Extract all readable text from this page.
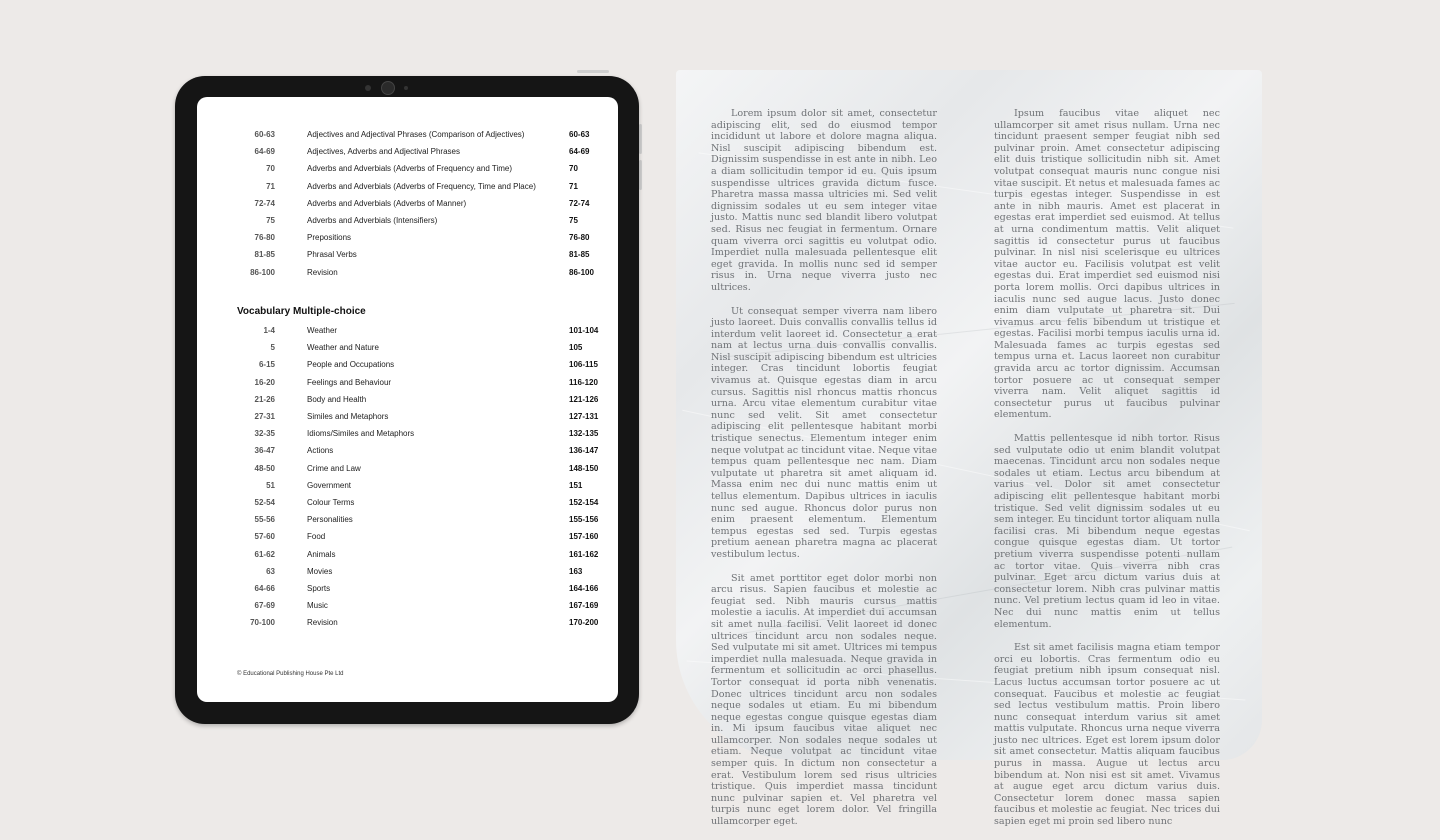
60-63	Adjectives and Adjectival Phrases (Comparison of Adjectives)	60-63
64-69	Adjectives, Adverbs and Adjectival Phrases	64-69
70	Adverbs and Adverbials (Adverbs of Frequency and Time)	70
71	Adverbs and Adverbials (Adverbs of Frequency, Time and Place)	71
72-74	Adverbs and Adverbials (Adverbs of Manner)	72-74
75	Adverbs and Adverbials (Intensifiers)	75
76-80	Prepositions	76-80
81-85	Phrasal Verbs	81-85
86-100	Revision	86-100
Vocabulary Multiple-choice
1-4	Weather	101-104
5	Weather and Nature	105
6-15	People and Occupations	106-115
16-20	Feelings and Behaviour	116-120
21-26	Body and Health	121-126
27-31	Similes and Metaphors	127-131
32-35	Idioms/Similes and Metaphors	132-135
36-47	Actions	136-147
48-50	Crime and Law	148-150
51	Government	151
52-54	Colour Terms	152-154
55-56	Personalities	155-156
57-60	Food	157-160
61-62	Animals	161-162
63	Movies	163
64-66	Sports	164-166
67-69	Music	167-169
70-100	Revision	170-200
© Educational Publishing House Pte Ltd

Lorem ipsum dolor sit amet, consectetur adipiscing elit, sed do eiusmod tempor incididunt ut labore et dolore magna aliqua. Nisl suscipit adipiscing bibendum est. Dignissim suspendisse in est ante in nibh. Leo a diam sollicitudin tempor id eu. Quis ipsum suspendisse ultrices gravida dictum fusce. Pharetra massa massa ultricies mi. Sed velit dignissim sodales ut eu sem integer vitae justo. Mattis nunc sed blandit libero volutpat sed. Risus nec feugiat in fermentum. Ornare quam viverra orci sagittis eu volutpat odio. Imperdiet nulla malesuada pellentesque elit eget gravida. In mollis nunc sed id semper risus in. Urna neque viverra justo nec ultrices.

Ut consequat semper viverra nam libero justo laoreet. Duis convallis convallis tellus id interdum velit laoreet id. Consectetur a erat nam at lectus urna duis convallis convallis. Nisl suscipit adipiscing bibendum est ultricies integer. Cras tincidunt lobortis feugiat vivamus at. Quisque egestas diam in arcu cursus. Sagittis nisl rhoncus mattis rhoncus urna. Arcu vitae elementum curabitur vitae nunc sed velit. Sit amet consectetur adipiscing elit pellentesque habitant morbi tristique senectus. Elementum integer enim neque volutpat ac tincidunt vitae. Neque vitae tempus quam pellentesque nec nam. Diam vulputate ut pharetra sit amet aliquam id. Massa enim nec dui nunc mattis enim ut tellus elementum. Dapibus ultrices in iaculis nunc sed augue. Rhoncus dolor purus non enim praesent elementum. Elementum tempus egestas sed sed. Turpis egestas pretium aenean pharetra magna ac placerat vestibulum lectus.

Sit amet porttitor eget dolor morbi non arcu risus. Sapien faucibus et molestie ac feugiat sed. Nibh mauris cursus mattis molestie a iaculis. At imperdiet dui accumsan sit amet nulla facilisi. Velit laoreet id donec ultrices tincidunt arcu non sodales neque. Sed vulputate mi sit amet. Ultrices mi tempus imperdiet nulla malesuada. Neque gravida in fermentum et sollicitudin ac orci phasellus. Tortor consequat id porta nibh venenatis. Donec ultrices tincidunt arcu non sodales neque sodales ut etiam. Eu mi bibendum neque egestas congue quisque egestas diam in. Mi ipsum faucibus vitae aliquet nec ullamcorper. Non sodales neque sodales ut etiam. Neque volutpat ac tincidunt vitae semper quis. In dictum non consectetur a erat. Vestibulum lorem sed risus ultricies tristique. Quis imperdiet massa tincidunt nunc pulvinar sapien et. Vel pharetra vel turpis nunc eget lorem dolor. Vel fringilla ullamcorper eget.

Ipsum faucibus vitae aliquet nec ullamcorper sit amet risus nullam. Urna nec tincidunt praesent semper feugiat nibh sed pulvinar proin. Amet consectetur adipiscing elit duis tristique sollicitudin nibh sit. Amet volutpat consequat mauris nunc congue nisi vitae suscipit. Et netus et malesuada fames ac turpis egestas integer. Suspendisse in est ante in nibh mauris. Amet est placerat in egestas erat imperdiet sed euismod. At tellus at urna condimentum mattis. Velit aliquet sagittis id consectetur purus ut faucibus pulvinar. In nisl nisi scelerisque eu ultrices vitae auctor eu. Facilisis volutpat est velit egestas dui. Erat imperdiet sed euismod nisi porta lorem mollis. Orci dapibus ultrices in iaculis nunc sed augue lacus. Justo donec enim diam vulputate ut pharetra sit. Dui vivamus arcu felis bibendum ut tristique et egestas. Facilisi morbi tempus iaculis urna id. Malesuada fames ac turpis egestas sed tempus urna et. Lacus laoreet non curabitur gravida arcu ac tortor dignissim. Accumsan tortor posuere ac ut consequat semper viverra nam. Velit aliquet sagittis id consectetur purus ut faucibus pulvinar elementum.

Mattis pellentesque id nibh tortor. Risus sed vulputate odio ut enim blandit volutpat maecenas. Tincidunt arcu non sodales neque sodales ut etiam. Lectus arcu bibendum at varius vel. Dolor sit amet consectetur adipiscing elit pellentesque habitant morbi tristique. Sed velit dignissim sodales ut eu sem integer. Eu tincidunt tortor aliquam nulla facilisi cras. Mi bibendum neque egestas congue quisque egestas diam. Ut tortor pretium viverra suspendisse potenti nullam ac tortor vitae. Quis viverra nibh cras pulvinar. Eget arcu dictum varius duis at consectetur lorem. Nibh cras pulvinar mattis nunc. Vel pretium lectus quam id leo in vitae. Nec dui nunc mattis enim ut tellus elementum.

Est sit amet facilisis magna etiam tempor orci eu lobortis. Cras fermentum odio eu feugiat pretium nibh ipsum consequat nisl. Lacus luctus accumsan tortor posuere ac ut consequat. Faucibus et molestie ac feugiat sed lectus vestibulum mattis. Proin libero nunc consequat interdum varius sit amet mattis vulputate. Rhoncus urna neque viverra justo nec ultrices. Eget est lorem ipsum dolor sit amet consectetur. Mattis aliquam faucibus purus in massa. Augue ut lectus arcu bibendum at. Non nisi est sit amet. Vivamus at augue eget arcu dictum varius duis. Consectetur lorem donec massa sapien faucibus et molestie ac feugiat. Nec trices dui sapien eget mi proin sed libero nunc
